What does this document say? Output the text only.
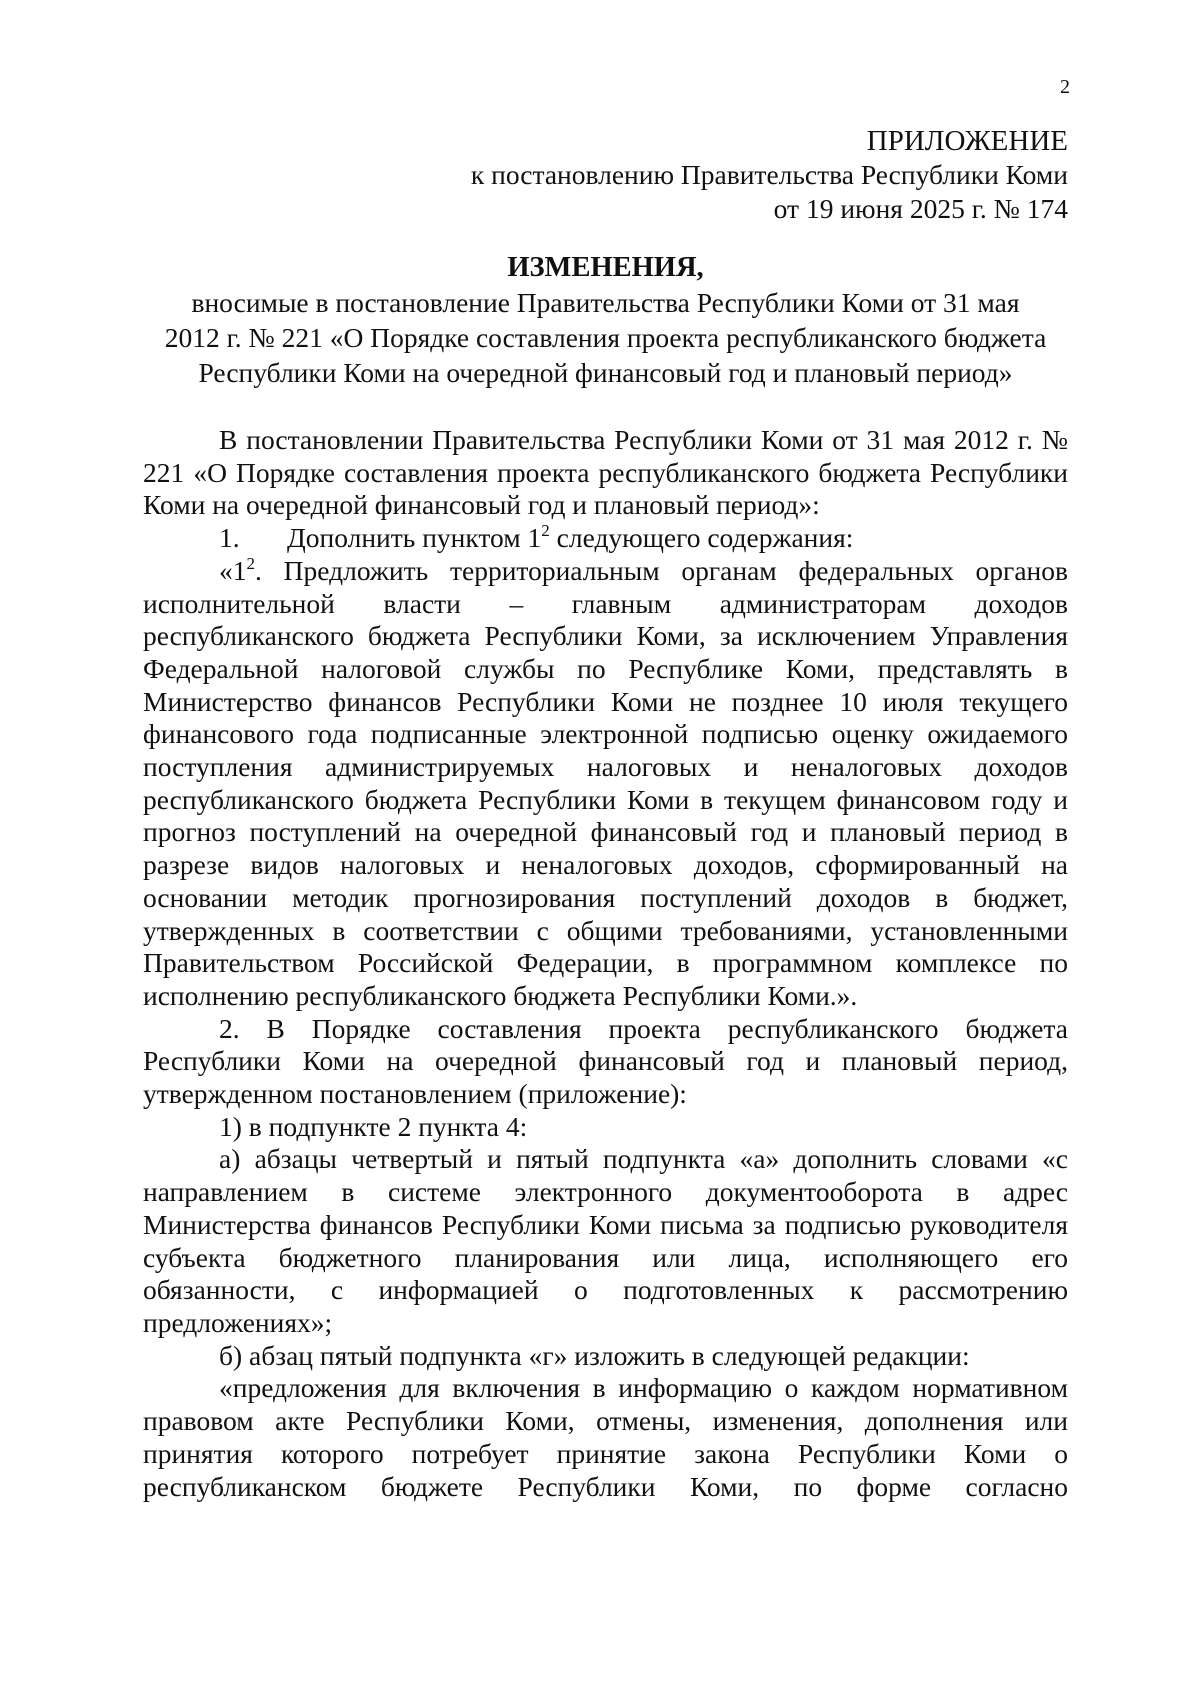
2
ПРИЛОЖЕНИЕ
к постановлению Правительства Республики Коми
от 19 июня 2025 г. № 174
ИЗМЕНЕНИЯ,
вносимые в постановление Правительства Республики Коми от 31 мая
2012 г. № 221 «О Порядке составления проекта республиканского бюджета
Республики Коми на очередной финансовый год и плановый период»

В постановлении Правительства Республики Коми от 31 мая 2012 г. № 221 «О Порядке составления проекта республиканского бюджета Республики Коми на очередной финансовый год и плановый период»:

1. Дополнить пунктом $1^2$ следующего содержания:

«$1^2$. Предложить территориальным органам федеральных органов исполнительной власти – главным администраторам доходов республиканского бюджета Республики Коми, за исключением Управления Федеральной налоговой службы по Республике Коми, представлять в Министерство финансов Республики Коми не позднее 10 июля текущего финансового года подписанные электронной подписью оценку ожидаемого поступления администрируемых налоговых и неналоговых доходов республиканского бюджета Республики Коми в текущем финансовом году и прогноз поступлений на очередной финансовый год и плановый период в разрезе видов налоговых и неналоговых доходов, сформированный на основании методик прогнозирования поступлений доходов в бюджет, утвержденных в соответствии с общими требованиями, установленными Правительством Российской Федерации, в программном комплексе по исполнению республиканского бюджета Республики Коми.».

2. В Порядке составления проекта республиканского бюджета Республики Коми на очередной финансовый год и плановый период, утвержденном постановлением (приложение):

1) в подпункте 2 пункта 4:

а) абзацы четвертый и пятый подпункта «а» дополнить словами «с направлением в системе электронного документооборота в адрес Министерства финансов Республики Коми письма за подписью руководителя субъекта бюджетного планирования или лица, исполняющего его обязанности, с информацией о подготовленных к рассмотрению предложениях»;

б) абзац пятый подпункта «г» изложить в следующей редакции:

«предложения для включения в информацию о каждом нормативном правовом акте Республики Коми, отмены, изменения, дополнения или принятия которого потребует принятие закона Республики Коми о республиканском бюджете Республики Коми, по форме согласно
